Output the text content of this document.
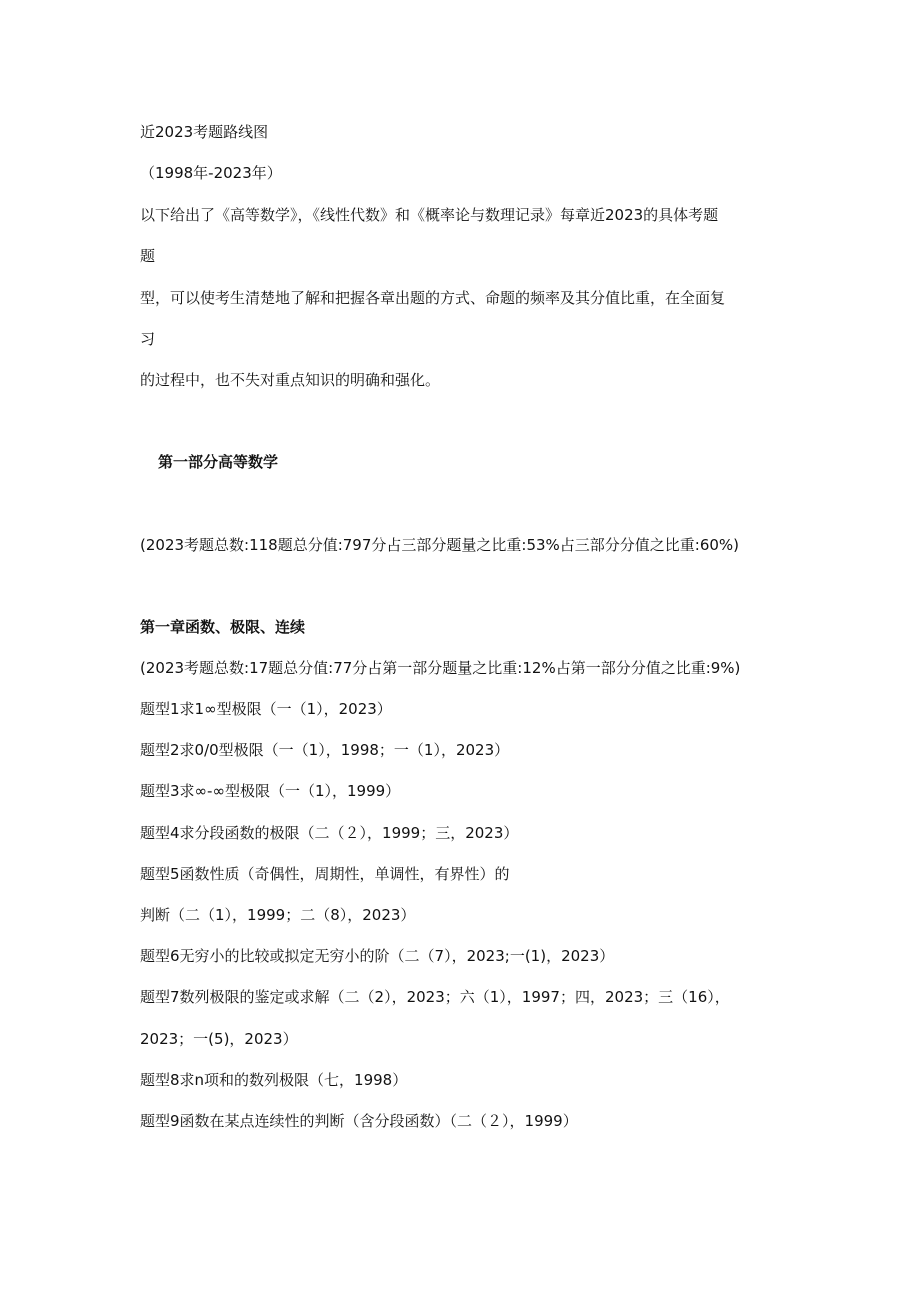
近2023考题路线图
（1998年-2023年）
以下给出了《高等数学》，《线性代数》和《概率论与数理记录》每章近2023的具体考题
题
型，可以使考生清楚地了解和把握各章出题的方式、命题的频率及其分值比重，在全面复
习
的过程中，也不失对重点知识的明确和强化。
第一部分高等数学
(2023考题总数:118题总分值:797分占三部分题量之比重:53%占三部分分值之比重:60%)
第一章函数、极限、连续
(2023考题总数:17题总分值:77分占第一部分题量之比重:12%占第一部分分值之比重:9%)
题型1求1∞型极限（一（1），2023）
题型2求0/0型极限（一（1），1998；一（1），2023）
题型3求∞-∞型极限（一（1），1999）
题型4求分段函数的极限（二（２），1999；三，2023）
题型5函数性质（奇偶性，周期性，单调性，有界性）的
判断（二（1），1999；二（8），2023）
题型6无穷小的比较或拟定无穷小的阶（二（7），2023;一(1)，2023）
题型7数列极限的鉴定或求解（二（2），2023；六（1），1997；四，2023；三（16），
2023；一(5)，2023）
题型8求n项和的数列极限（七，1998）
题型9函数在某点连续性的判断（含分段函数）（二（２），1999）
